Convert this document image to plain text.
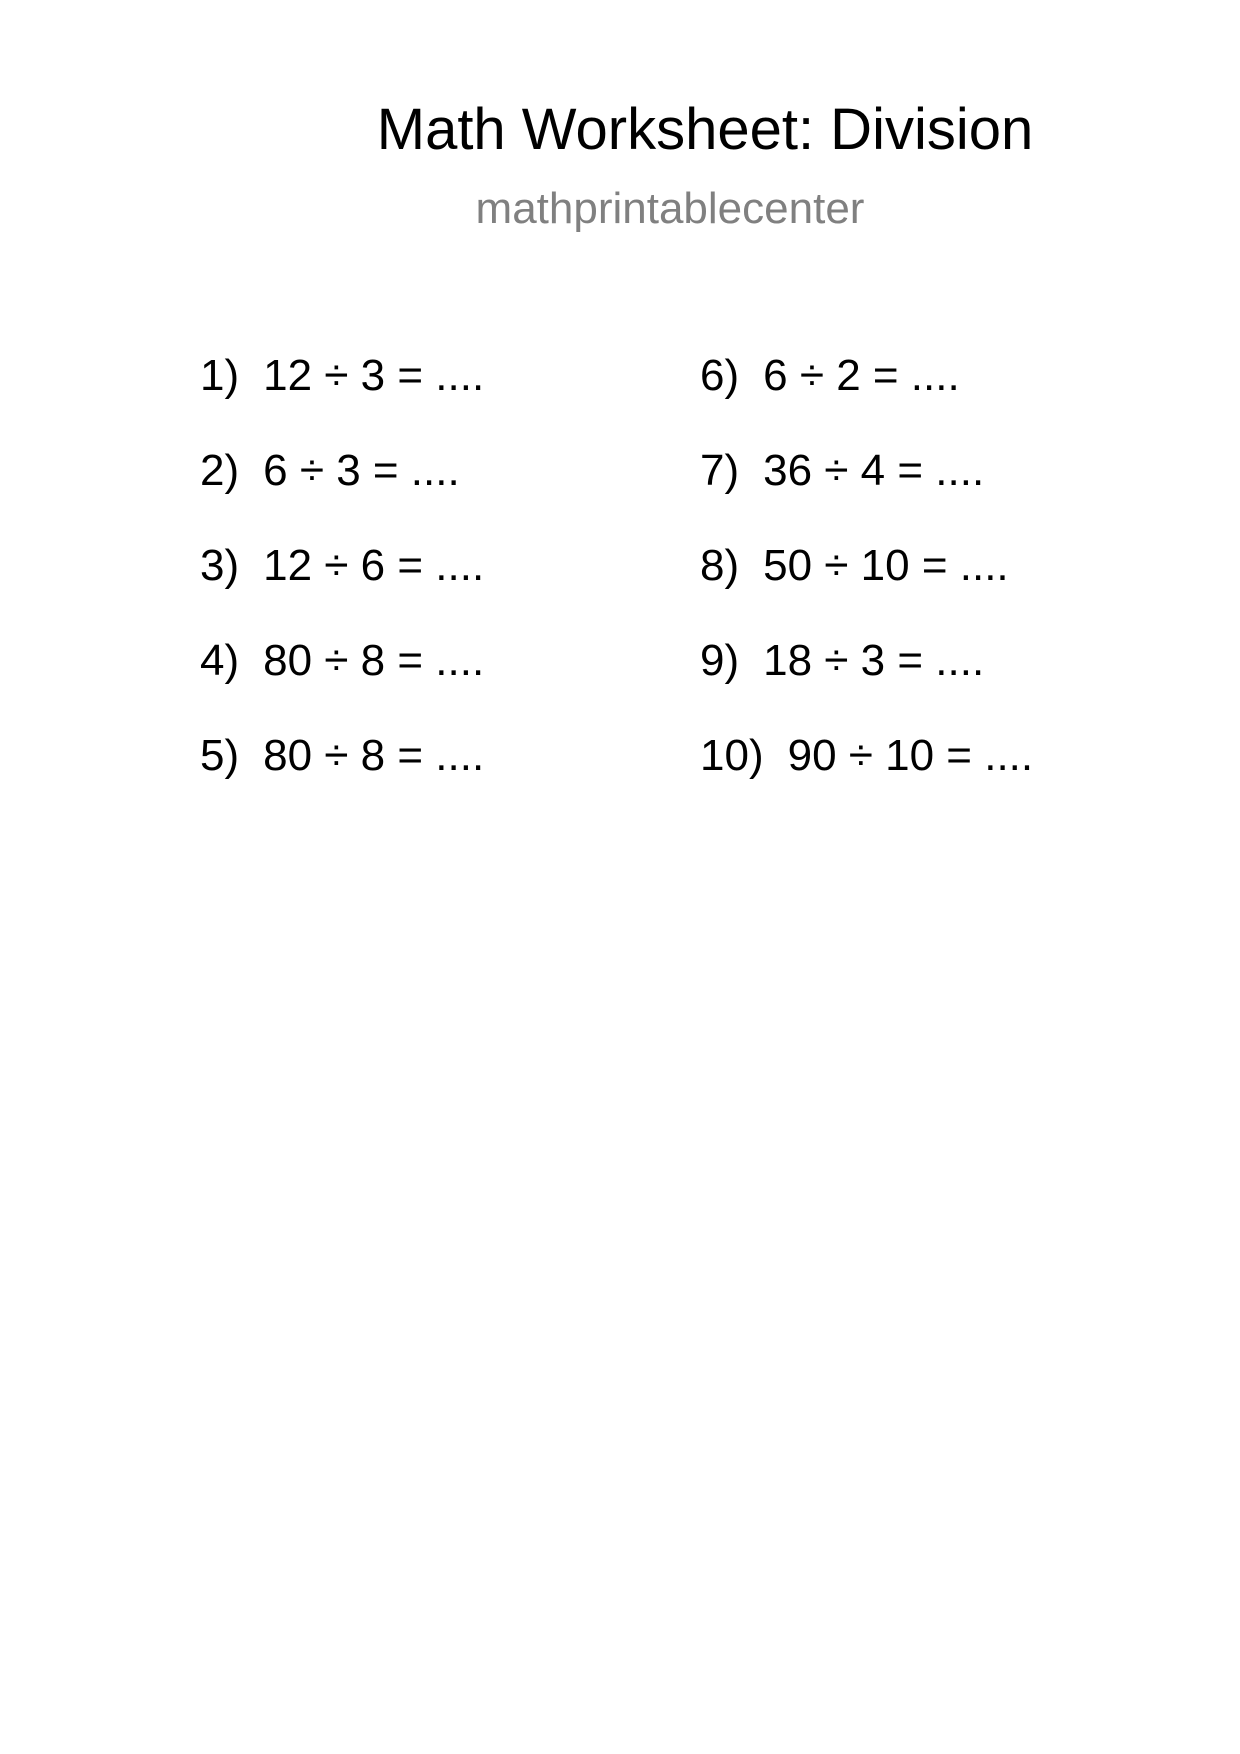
Math Worksheet: Division
mathprintablecenter
1) 12 ÷ 3 = ....
2) 6 ÷ 3 = ....
3) 12 ÷ 6 = ....
4) 80 ÷ 8 = ....
5) 80 ÷ 8 = ....
6) 6 ÷ 2 = ....
7) 36 ÷ 4 = ....
8) 50 ÷ 10 = ....
9) 18 ÷ 3 = ....
10) 90 ÷ 10 = ....
